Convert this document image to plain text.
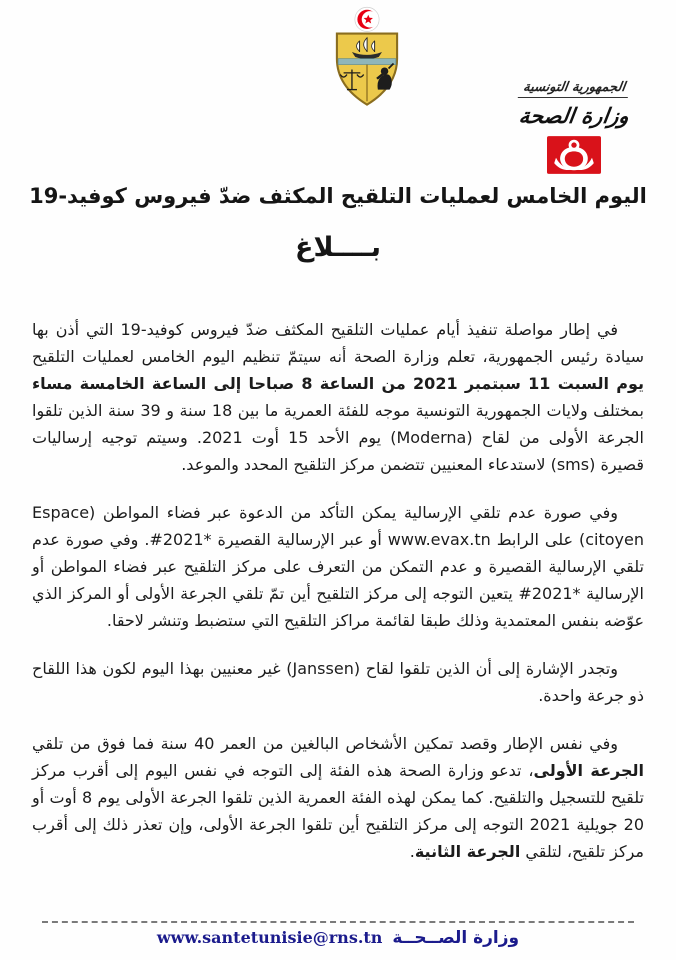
الجمهورية التونسية
وزارة الصحة
اليوم الخامس لعمليات التلقيح المكثف ضدّ فيروس كوفيد-19
بــــلاغ

في إطار مواصلة تنفيذ أيام عمليات التلقيح المكثف ضدّ فيروس كوفيد-19 التي أذن بها سيادة رئيس الجمهورية، تعلم وزارة الصحة أنه سيتمّ تنظيم اليوم الخامس لعمليات التلقيح يوم السبت 11 سبتمبر 2021 من الساعة 8 صباحا إلى الساعة الخامسة مساء بمختلف ولايات الجمهورية التونسية موجه للفئة العمرية ما بين 18 سنة و 39 سنة الذين تلقوا الجرعة الأولى من لقاح (Moderna) يوم الأحد 15 أوت 2021. وسيتم توجيه إرساليات قصيرة (sms) لاستدعاء المعنيين تتضمن مركز التلقيح المحدد والموعد.

وفي صورة عدم تلقي الإرسالية يمكن التأكد من الدعوة عبر فضاء المواطن (Espace citoyen) على الرابط www.evax.tn أو عبر الإرسالية القصيرة *2021#. وفي صورة عدم تلقي الإرسالية القصيرة و عدم التمكن من التعرف على مركز التلقيح عبر فضاء المواطن أو الإرسالية *2021# يتعين التوجه إلى مركز التلقيح أين تمّ تلقي الجرعة الأولى أو المركز الذي عوّضه بنفس المعتمدية وذلك طبقا لقائمة مراكز التلقيح التي ستضبط وتنشر لاحقا.

وتجدر الإشارة إلى أن الذين تلقوا لقاح (Janssen) غير معنيين بهذا اليوم لكون هذا اللقاح ذو جرعة واحدة.

وفي نفس الإطار وقصد تمكين الأشخاص البالغين من العمر 40 سنة فما فوق من تلقي الجرعة الأولى، تدعو وزارة الصحة هذه الفئة إلى التوجه في نفس اليوم إلى أقرب مركز تلقيح للتسجيل والتلقيح. كما يمكن لهذه الفئة العمرية الذين تلقوا الجرعة الأولى يوم 8 أوت أو 20 جويلية 2021 التوجه إلى مركز التلقيح أين تلقوا الجرعة الأولى، وإن تعذر ذلك إلى أقرب مركز تلقيح، لتلقي الجرعة الثانية.

وزارة الصــحــة
www.santetunisie@rns.tn
